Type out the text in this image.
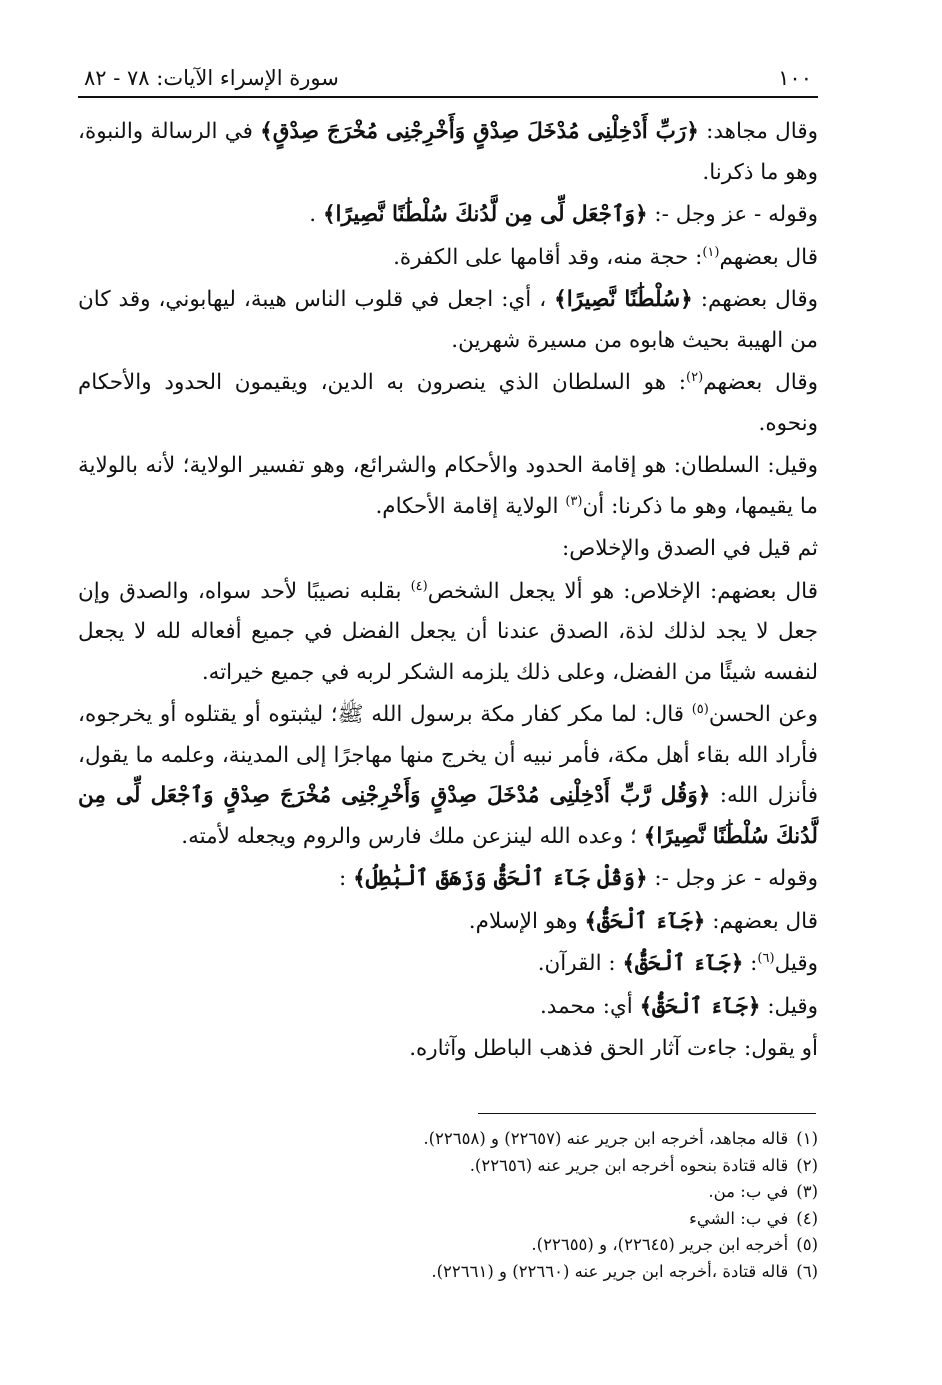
١٠٠
سورة الإسراء الآيات: ٧٨ - ٨٢

وقال مجاهد: ﴿رَبِّ أَدْخِلْنِى مُدْخَلَ صِدْقٍ وَأَخْرِجْنِى مُخْرَجَ صِدْقٍ﴾ في الرسالة والنبوة، وهو ما ذكرنا.

وقوله - عز وجل -: ﴿وَٱجْعَل لِّى مِن لَّدُنكَ سُلْطَٰنًا نَّصِيرًا﴾ .

قال بعضهم$^{(١)}$: حجة منه، وقد أقامها على الكفرة.

وقال بعضهم: ﴿سُلْطَٰنًا نَّصِيرًا﴾ ، أي: اجعل في قلوب الناس هيبة، ليهابوني، وقد كان من الهيبة بحيث هابوه من مسيرة شهرين.

وقال بعضهم$^{(٢)}$: هو السلطان الذي ينصرون به الدين، ويقيمون الحدود والأحكام ونحوه.

وقيل: السلطان: هو إقامة الحدود والأحكام والشرائع، وهو تفسير الولاية؛ لأنه بالولاية ما يقيمها، وهو ما ذكرنا: أن$^{(٣)}$ الولاية إقامة الأحكام.

ثم قيل في الصدق والإخلاص:

قال بعضهم: الإخلاص: هو ألا يجعل الشخص$^{(٤)}$ بقلبه نصيبًا لأحد سواه، والصدق وإن جعل لا يجد لذلك لذة، الصدق عندنا أن يجعل الفضل في جميع أفعاله لله لا يجعل لنفسه شيئًا من الفضل، وعلى ذلك يلزمه الشكر لربه في جميع خيراته.

وعن الحسن$^{(٥)}$ قال: لما مكر كفار مكة برسول الله ﷺ؛ ليثبتوه أو يقتلوه أو يخرجوه، فأراد الله بقاء أهل مكة، فأمر نبيه أن يخرج منها مهاجرًا إلى المدينة، وعلمه ما يقول، فأنزل الله: ﴿وَقُل رَّبِّ أَدْخِلْنِى مُدْخَلَ صِدْقٍ وَأَخْرِجْنِى مُخْرَجَ صِدْقٍ وَٱجْعَل لِّى مِن لَّدُنكَ سُلْطَٰنًا نَّصِيرًا﴾ ؛ وعده الله لينزعن ملك فارس والروم ويجعله لأمته.

وقوله - عز وجل -: ﴿وَقُلْ جَآءَ ٱلْحَقُّ وَزَهَقَ ٱلْبَٰطِلُ﴾ :

قال بعضهم: ﴿جَآءَ ٱلْحَقُّ﴾ وهو الإسلام.

وقيل$^{(٦)}$: ﴿جَآءَ ٱلْحَقُّ﴾ : القرآن.

وقيل: ﴿جَآءَ ٱلْحَقُّ﴾ أي: محمد.

أو يقول: جاءت آثار الحق فذهب الباطل وآثاره.

(١)قاله مجاهد، أخرجه ابن جرير عنه (٢٢٦٥٧) و (٢٢٦٥٨).

(٢)قاله قتادة بنحوه أخرجه ابن جرير عنه (٢٢٦٥٦).

(٣)في ب: من.

(٤)في ب: الشيء

(٥)أخرجه ابن جرير (٢٢٦٤٥)، و (٢٢٦٥٥).

(٦)قاله قتادة ،أخرجه ابن جرير عنه (٢٢٦٦٠) و (٢٢٦٦١).
